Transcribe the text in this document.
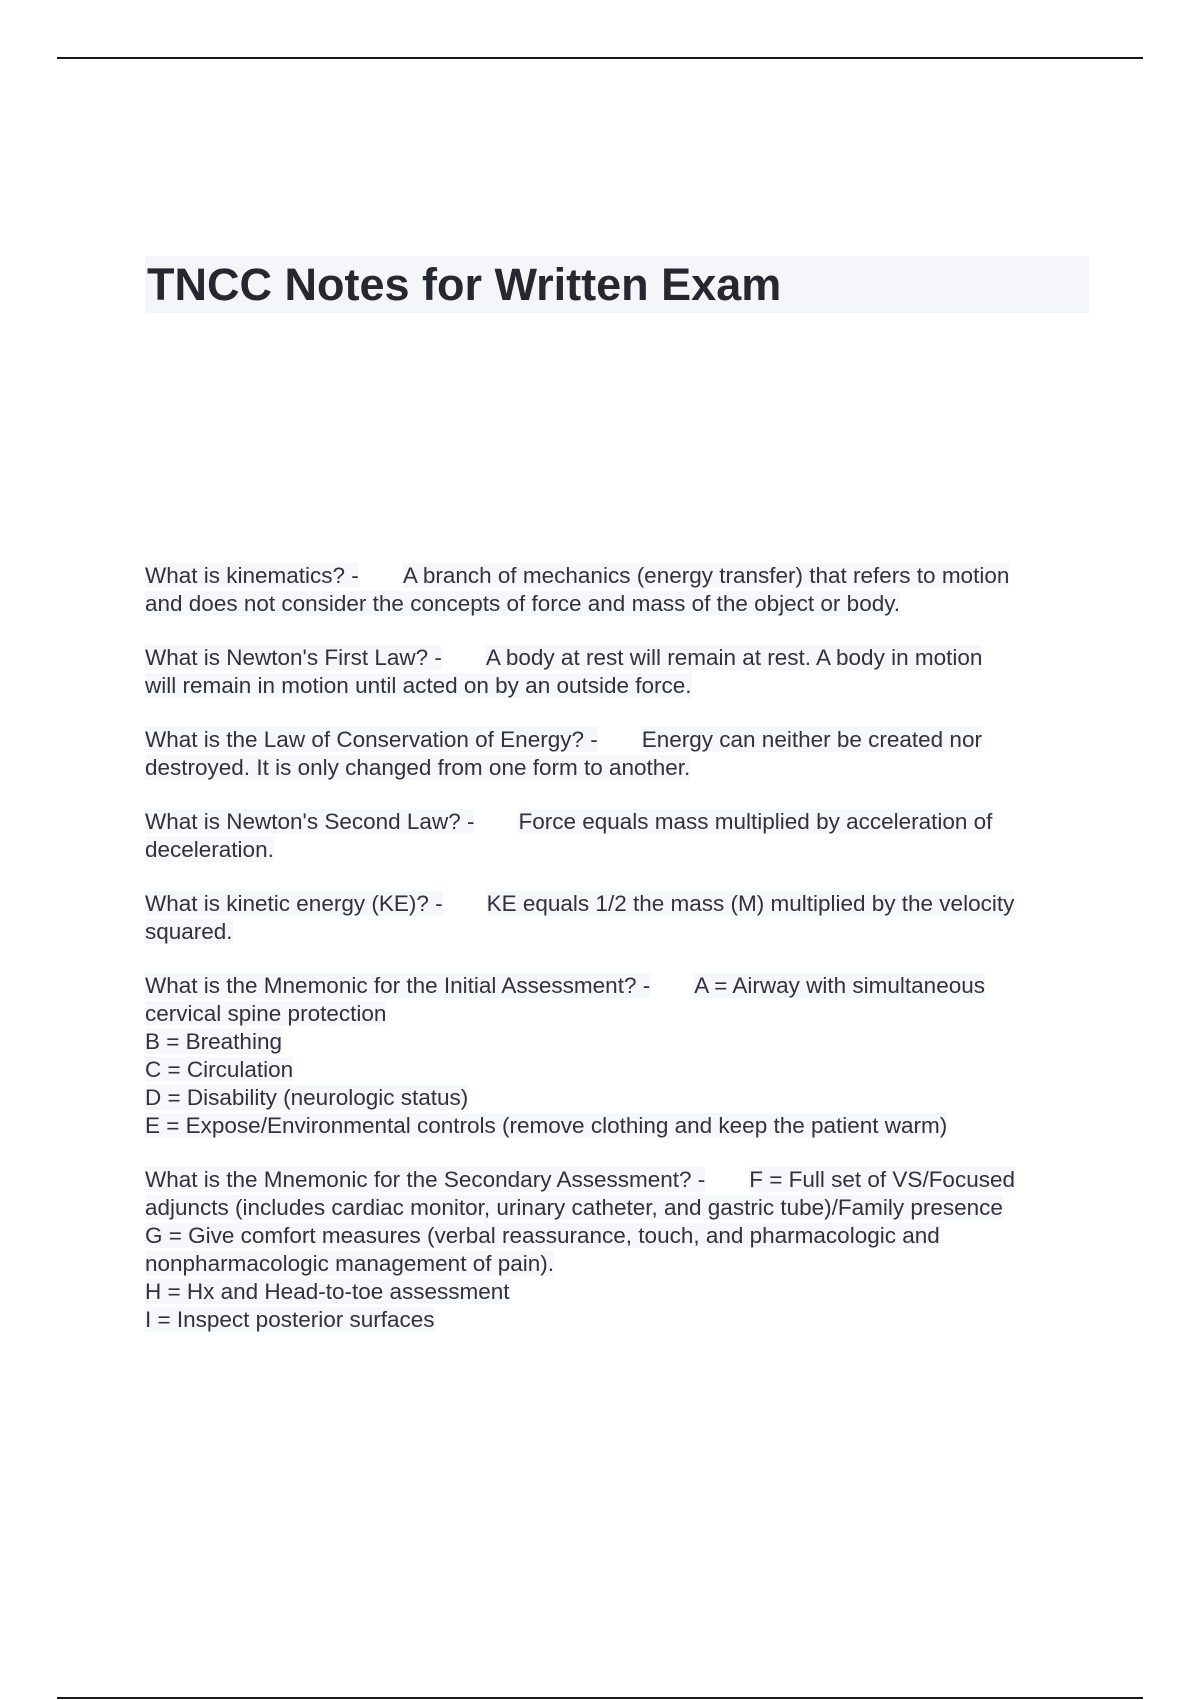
TNCC Notes for Written Exam
What is kinematics? - A branch of mechanics (energy transfer) that refers to motion
and does not consider the concepts of force and mass of the object or body.
What is Newton's First Law? - A body at rest will remain at rest. A body in motion
will remain in motion until acted on by an outside force.
What is the Law of Conservation of Energy? - Energy can neither be created nor
destroyed. It is only changed from one form to another.
What is Newton's Second Law? - Force equals mass multiplied by acceleration of
deceleration.
What is kinetic energy (KE)? - KE equals 1/2 the mass (M) multiplied by the velocity
squared.
What is the Mnemonic for the Initial Assessment? - A = Airway with simultaneous
cervical spine protection
B = Breathing
C = Circulation
D = Disability (neurologic status)
E = Expose/Environmental controls (remove clothing and keep the patient warm)
What is the Mnemonic for the Secondary Assessment? - F = Full set of VS/Focused
adjuncts (includes cardiac monitor, urinary catheter, and gastric tube)/Family presence
G = Give comfort measures (verbal reassurance, touch, and pharmacologic and
nonpharmacologic management of pain).
H = Hx and Head-to-toe assessment
I = Inspect posterior surfaces
